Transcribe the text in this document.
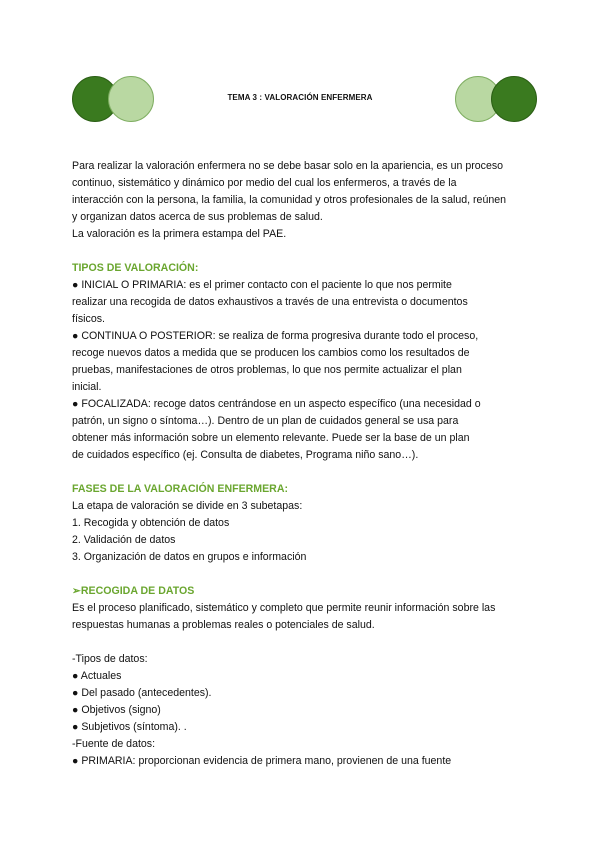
TEMA 3 : VALORACIÓN ENFERMERA

Para realizar la valoración enfermera no se debe basar solo en la apariencia, es un proceso

continuo, sistemático y dinámico por medio del cual los enfermeros, a través de la

interacción con la persona, la familia, la comunidad y otros profesionales de la salud, reúnen

y organizan datos acerca de sus problemas de salud.

La valoración es la primera estampa del PAE.

TIPOS DE VALORACIÓN:

● INICIAL O PRIMARIA: es el primer contacto con el paciente lo que nos permite

realizar una recogida de datos exhaustivos a través de una entrevista o documentos

físicos.

● CONTINUA O POSTERIOR: se realiza de forma progresiva durante todo el proceso,

recoge nuevos datos a medida que se producen los cambios como los resultados de

pruebas, manifestaciones de otros problemas, lo que nos permite actualizar el plan

inicial.

● FOCALIZADA: recoge datos centrándose en un aspecto específico (una necesidad o

patrón, un signo o síntoma…). Dentro de un plan de cuidados general se usa para

obtener más información sobre un elemento relevante. Puede ser la base de un plan

de cuidados específico (ej. Consulta de diabetes, Programa niño sano…).

FASES DE LA VALORACIÓN ENFERMERA:

La etapa de valoración se divide en 3 subetapas:

1. Recogida y obtención de datos

2. Validación de datos

3. Organización de datos en grupos e información

➢RECOGIDA DE DATOS

Es el proceso planificado, sistemático y completo que permite reunir información sobre las

respuestas humanas a problemas reales o potenciales de salud.

-Tipos de datos:

● Actuales

● Del pasado (antecedentes).

● Objetivos (signo)

● Subjetivos (síntoma). .

-Fuente de datos:

● PRIMARIA: proporcionan evidencia de primera mano, provienen de una fuente
